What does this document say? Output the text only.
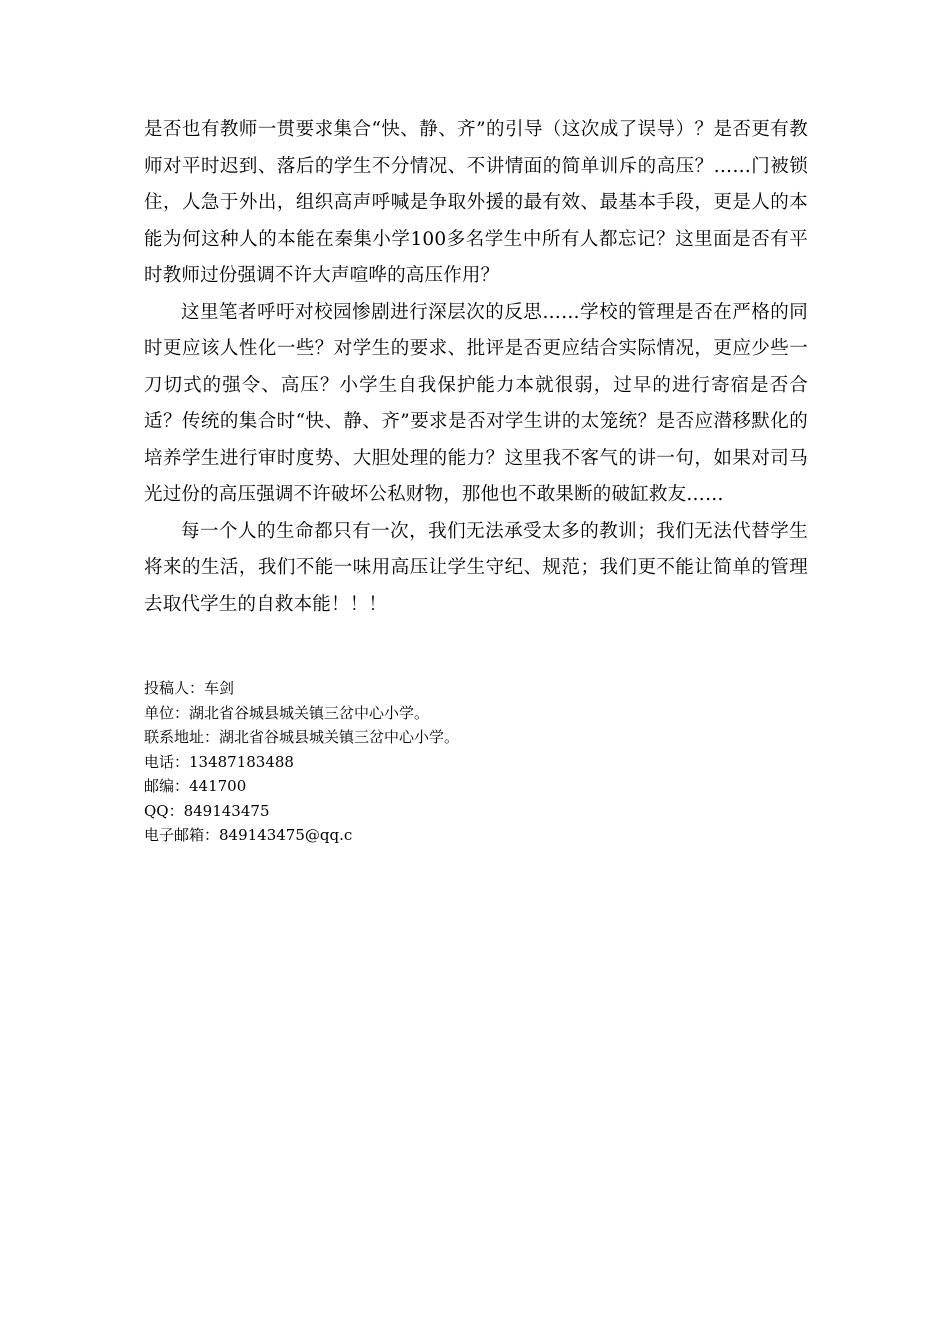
是否也有教师一贯要求集合“快、静、齐”的引导（这次成了误导）？是否更有教师对平时迟到、落后的学生不分情况、不讲情面的简单训斥的高压？……门被锁住，人急于外出，组织高声呼喊是争取外援的最有效、最基本手段，更是人的本能为何这种人的本能在秦集小学100多名学生中所有人都忘记？这里面是否有平时教师过份强调不许大声喧哗的高压作用？

这里笔者呼吁对校园惨剧进行深层次的反思……学校的管理是否在严格的同时更应该人性化一些？对学生的要求、批评是否更应结合实际情况，更应少些一刀切式的强令、高压？小学生自我保护能力本就很弱，过早的进行寄宿是否合适？传统的集合时“快、静、齐”要求是否对学生讲的太笼统？是否应潜移默化的培养学生进行审时度势、大胆处理的能力？这里我不客气的讲一句，如果对司马光过份的高压强调不许破坏公私财物，那他也不敢果断的破缸救友……

每一个人的生命都只有一次，我们无法承受太多的教训；我们无法代替学生将来的生活，我们不能一味用高压让学生守纪、规范；我们更不能让简单的管理去取代学生的自救本能！！！

投稿人：车剑
单位：湖北省谷城县城关镇三岔中心小学。
联系地址：湖北省谷城县城关镇三岔中心小学。
电话：13487183488
邮编：441700
QQ：849143475
电子邮箱：849143475@qq.c
